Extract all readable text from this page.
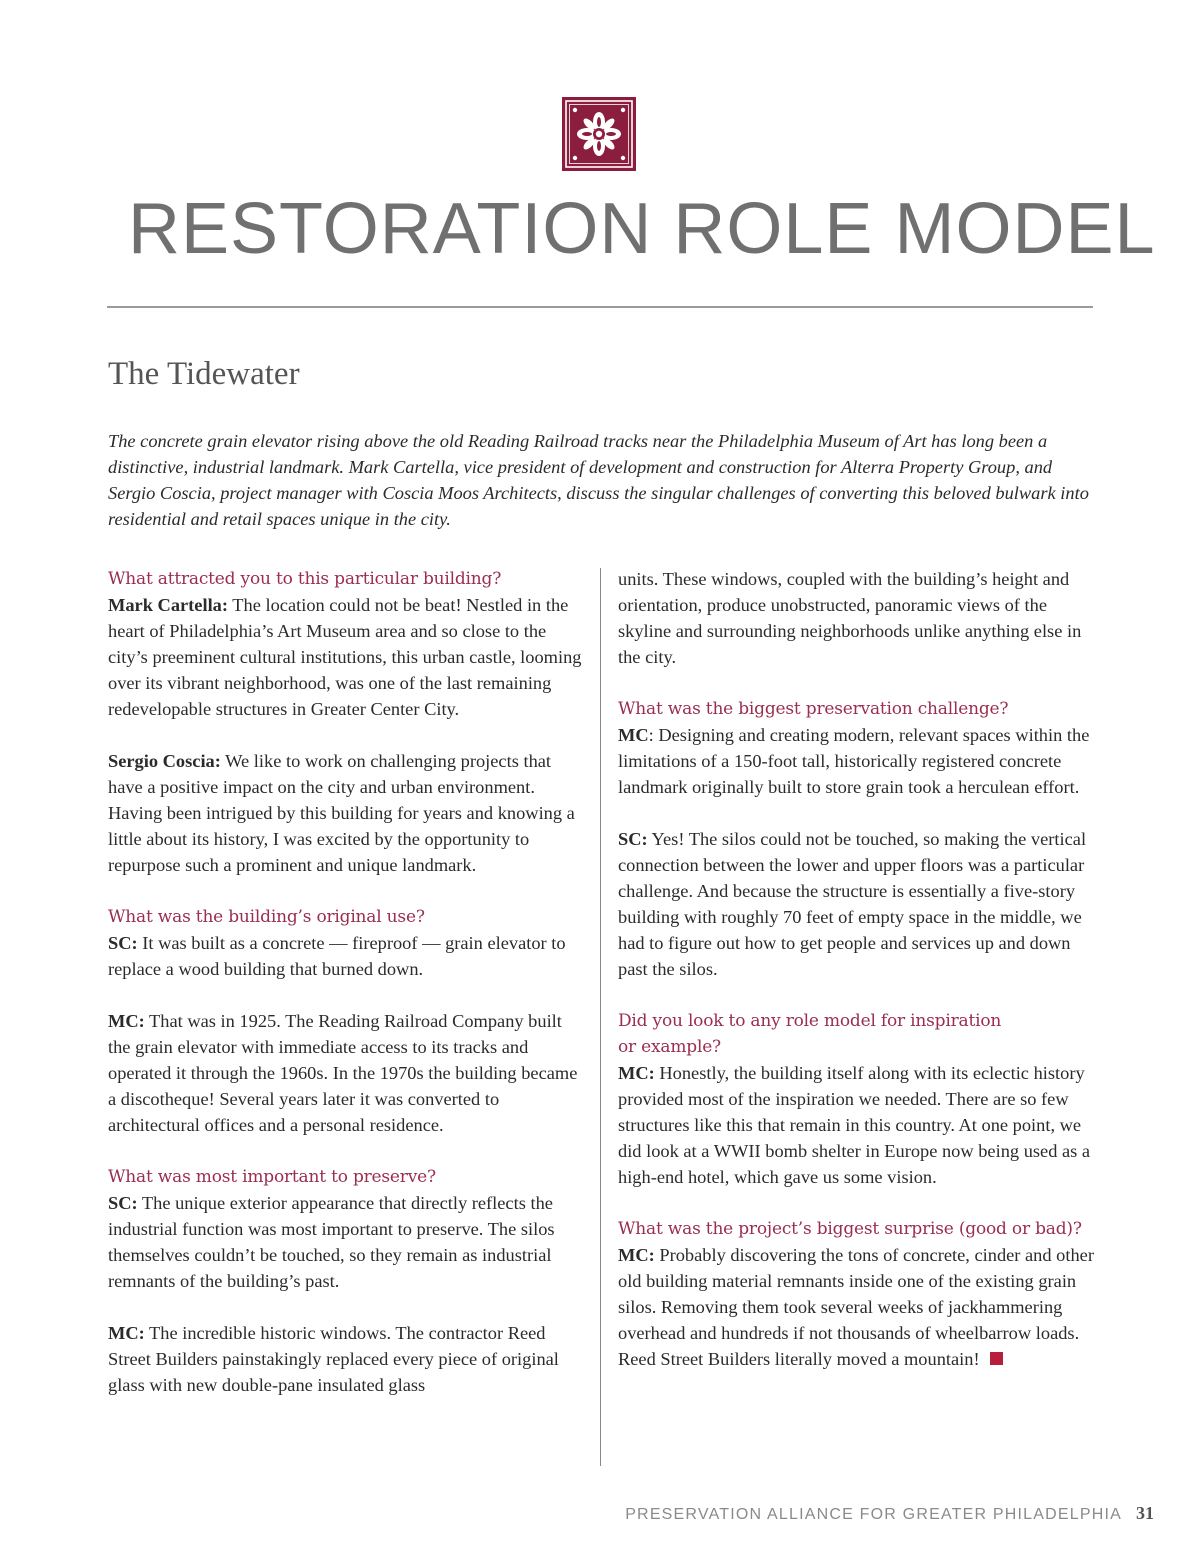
RESTORATION ROLE MODEL
The Tidewater

The concrete grain elevator rising above the old Reading Railroad tracks near the Philadelphia Museum of Art has long been a distinctive, industrial landmark. Mark Cartella, vice president of development and construction for Alterra Property Group, and Sergio Coscia, project manager with Coscia Moos Architects, discuss the singular challenges of converting this beloved bulwark into residential and retail spaces unique in the city.

What attracted you to this particular building?

Mark Cartella: The location could not be beat! Nestled in the heart of Philadelphia’s Art Museum area and so close to the city’s preeminent cultural institutions, this urban castle, looming over its vibrant neighborhood, was one of the last remaining redevelopable structures in Greater Center City.

Sergio Coscia: We like to work on challenging projects that have a positive impact on the city and urban environment. Having been intrigued by this building for years and knowing a little about its history, I was excited by the opportunity to repurpose such a prominent and unique landmark.

What was the building’s original use?

SC: It was built as a concrete — fireproof — grain elevator to replace a wood building that burned down.

MC: That was in 1925. The Reading Railroad Company built the grain elevator with immediate access to its tracks and operated it through the 1960s. In the 1970s the building became a discotheque! Several years later it was converted to architectural offices and a personal residence.

What was most important to preserve?

SC: The unique exterior appearance that directly reflects the industrial function was most important to preserve. The silos themselves couldn’t be touched, so they remain as industrial remnants of the building’s past.

MC: The incredible historic windows. The contractor Reed Street Builders painstakingly replaced every piece of original glass with new double-pane insulated glass

units. These windows, coupled with the building’s height and orientation, produce unobstructed, panoramic views of the skyline and surrounding neighborhoods unlike anything else in the city.

What was the biggest preservation challenge?

MC: Designing and creating modern, relevant spaces within the limitations of a 150-foot tall, historically registered concrete landmark originally built to store grain took a herculean effort.

SC: Yes! The silos could not be touched, so making the vertical connection between the lower and upper floors was a particular challenge. And because the structure is essentially a five-story building with roughly 70 feet of empty space in the middle, we had to figure out how to get people and services up and down past the silos.

Did you look to any role model for inspiration or example?

MC: Honestly, the building itself along with its eclectic history provided most of the inspiration we needed. There are so few structures like this that remain in this country. At one point, we did look at a WWII bomb shelter in Europe now being used as a high-end hotel, which gave us some vision.

What was the project’s biggest surprise (good or bad)?

MC: Probably discovering the tons of concrete, cinder and other old building material remnants inside one of the existing grain silos. Removing them took several weeks of jackhammering overhead and hundreds if not thousands of wheelbarrow loads. Reed Street Builders literally moved a mountain!

PRESERVATION ALLIANCE FOR GREATER PHILADELPHIA 31
